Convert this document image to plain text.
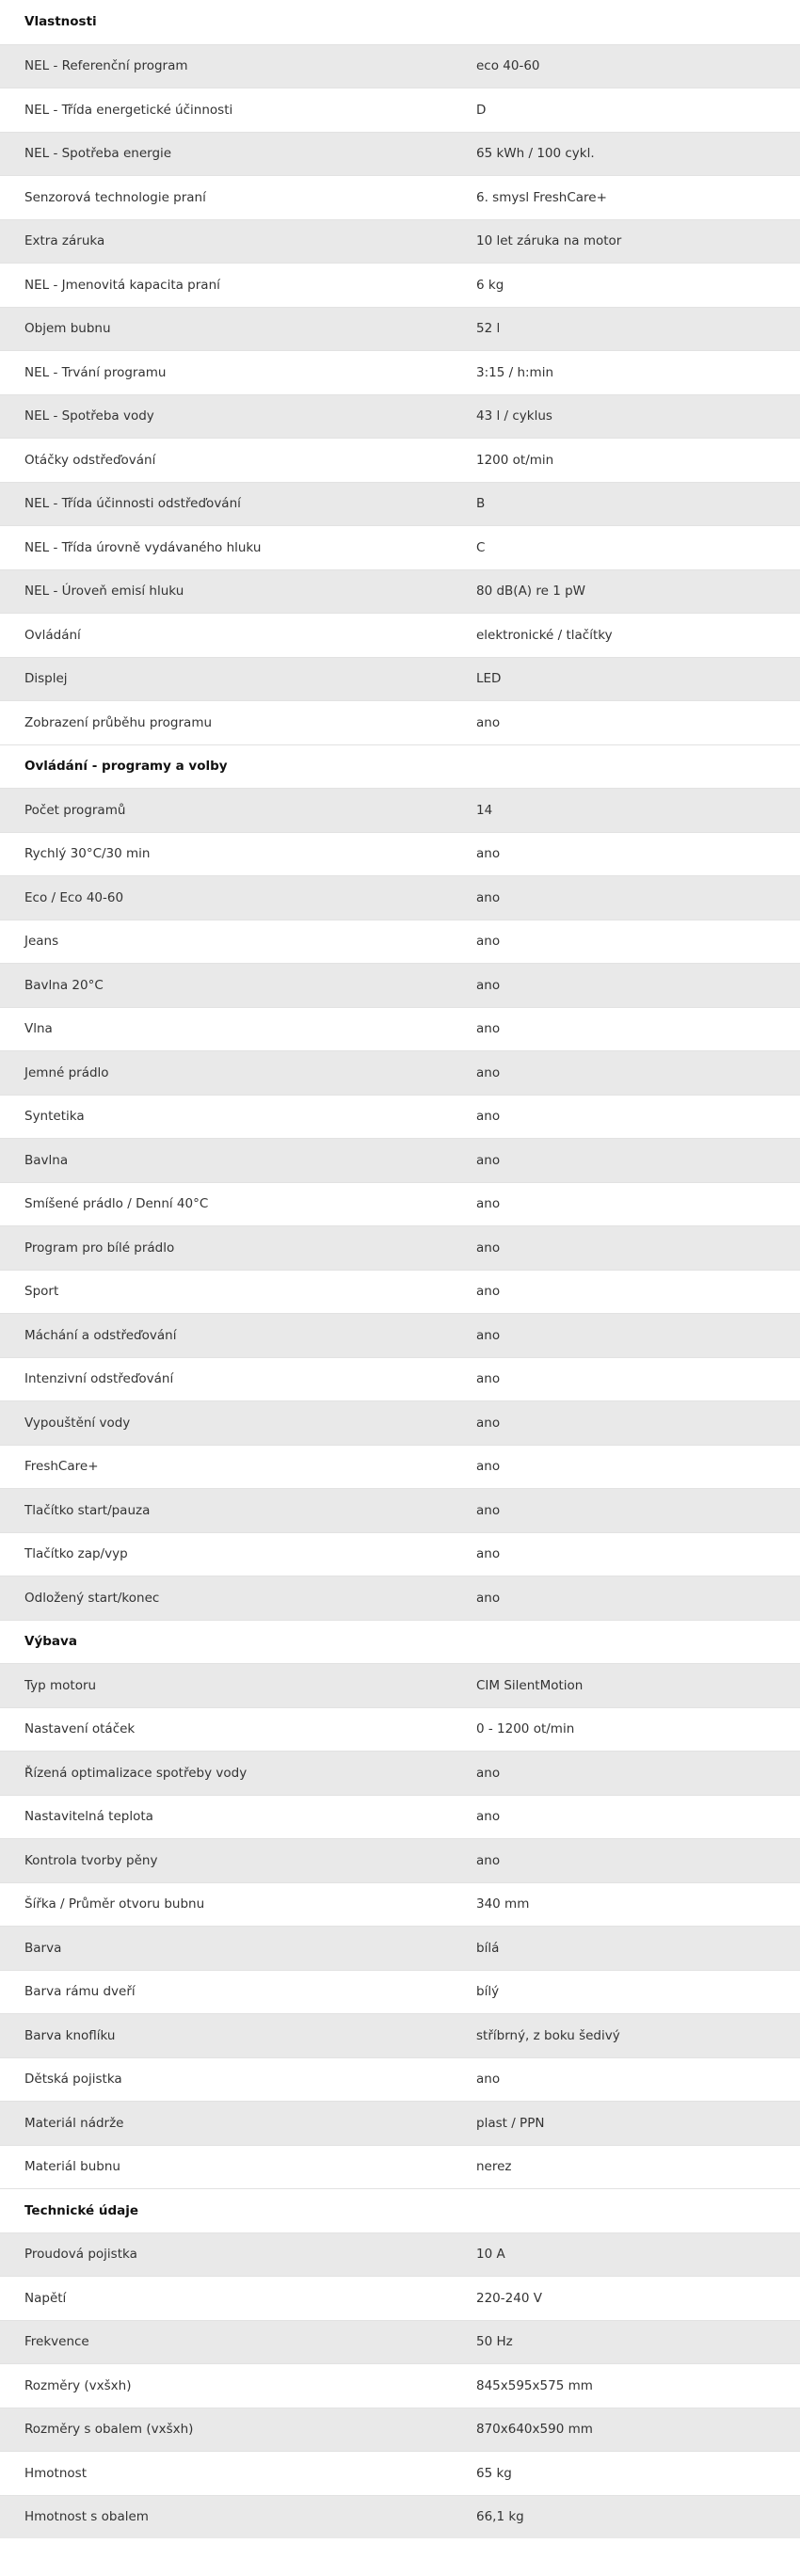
Vlastnosti
NEL - Referenční program	eco 40-60
NEL - Třída energetické účinnosti	D
NEL - Spotřeba energie	65 kWh / 100 cykl.
Senzorová technologie praní	6. smysl FreshCare+
Extra záruka	10 let záruka na motor
NEL - Jmenovitá kapacita praní	6 kg
Objem bubnu	52 l
NEL - Trvání programu	3:15 / h:min
NEL - Spotřeba vody	43 l / cyklus
Otáčky odstřeďování	1200 ot/min
NEL - Třída účinnosti odstřeďování	B
NEL - Třída úrovně vydávaného hluku	C
NEL - Úroveň emisí hluku	80 dB(A) re 1 pW
Ovládání	elektronické / tlačítky
Displej	LED
Zobrazení průběhu programu	ano
Ovládání - programy a volby
Počet programů	14
Rychlý 30°C/30 min	ano
Eco / Eco 40-60	ano
Jeans	ano
Bavlna 20°C	ano
Vlna	ano
Jemné prádlo	ano
Syntetika	ano
Bavlna	ano
Smíšené prádlo / Denní 40°C	ano
Program pro bílé prádlo	ano
Sport	ano
Máchání a odstřeďování	ano
Intenzivní odstřeďování	ano
Vypouštění vody	ano
FreshCare+	ano
Tlačítko start/pauza	ano
Tlačítko zap/vyp	ano
Odložený start/konec	ano
Výbava
Typ motoru	CIM SilentMotion
Nastavení otáček	0 - 1200 ot/min
Řízená optimalizace spotřeby vody	ano
Nastavitelná teplota	ano
Kontrola tvorby pěny	ano
Šířka / Průměr otvoru bubnu	340 mm
Barva	bílá
Barva rámu dveří	bílý
Barva knoflíku	stříbrný, z boku šedivý
Dětská pojistka	ano
Materiál nádrže	plast / PPN
Materiál bubnu	nerez
Technické údaje
Proudová pojistka	10 A
Napětí	220-240 V
Frekvence	50 Hz
Rozměry (vxšxh)	845x595x575 mm
Rozměry s obalem (vxšxh)	870x640x590 mm
Hmotnost	65 kg
Hmotnost s obalem	66,1 kg
